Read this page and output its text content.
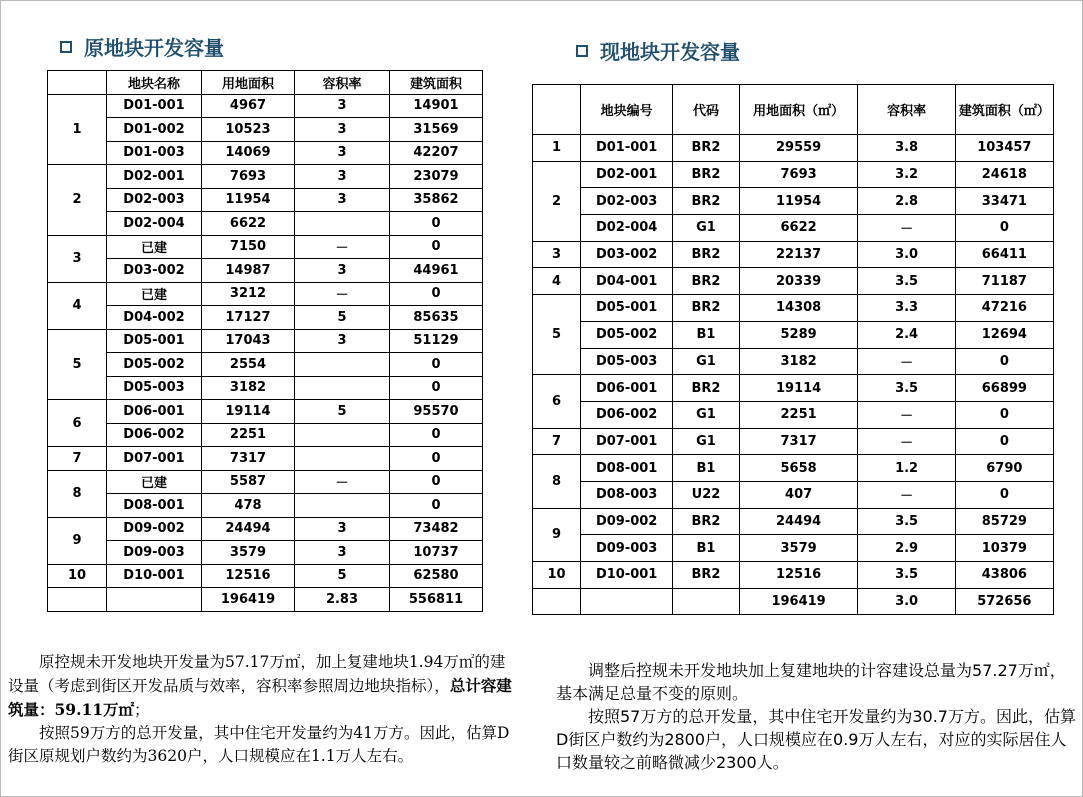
原地块开发容量	现地块开发容量
	地块名称	用地面积	容积率	建筑面积
1	D01-001	4967	3	14901
	D01-002	10523	3	31569
	D01-003	14069	3	42207
2	D02-001	7693	3	23079
	D02-003	11954	3	35862
	D02-004	6622		0
3	已建	7150	－	0
	D03-002	14987	3	44961
4	已建	3212	－	0
	D04-002	17127	5	85635
5	D05-001	17043	3	51129
	D05-002	2554		0
	D05-003	3182		0
6	D06-001	19114	5	95570
	D06-002	2251		0
7	D07-001	7317		0
8	已建	5587	－	0
	D08-001	478		0
9	D09-002	24494	3	73482
	D09-003	3579	3	10737
10	D10-001	12516	5	62580
		196419	2.83	556811
	地块编号	代码	用地面积（㎡）	容积率	建筑面积（㎡）
1	D01-001	BR2	29559	3.8	103457
2	D02-001	BR2	7693	3.2	24618
	D02-003	BR2	11954	2.8	33471
	D02-004	G1	6622	－	0
3	D03-002	BR2	22137	3.0	66411
4	D04-001	BR2	20339	3.5	71187
5	D05-001	BR2	14308	3.3	47216
	D05-002	B1	5289	2.4	12694
	D05-003	G1	3182	－	0
6	D06-001	BR2	19114	3.5	66899
	D06-002	G1	2251	－	0
7	D07-001	G1	7317	－	0
8	D08-001	B1	5658	1.2	6790
	D08-003	U22	407	－	0
9	D09-002	BR2	24494	3.5	85729
	D09-003	B1	3579	2.9	10379
10	D10-001	BR2	12516	3.5	43806
			196419	3.0	572656

原控规未开发地块开发量为57.17万㎡，加上复建地块1.94万㎡的建设量（考虑到街区开发品质与效率，容积率参照周边地块指标），总计容建筑量：59.11万㎡；

按照59万方的总开发量，其中住宅开发量约为41万方。因此，估算D街区原规划户数约为3620户，人口规模应在1.1万人左右。

调整后控规未开发地块加上复建地块的计容建设总量为57.27万㎡，基本满足总量不变的原则。

按照57万方的总开发量，其中住宅开发量约为30.7万方。因此，估算D街区户数约为2800户，人口规模应在0.9万人左右，对应的实际居住人口数量较之前略微减少2300人。
